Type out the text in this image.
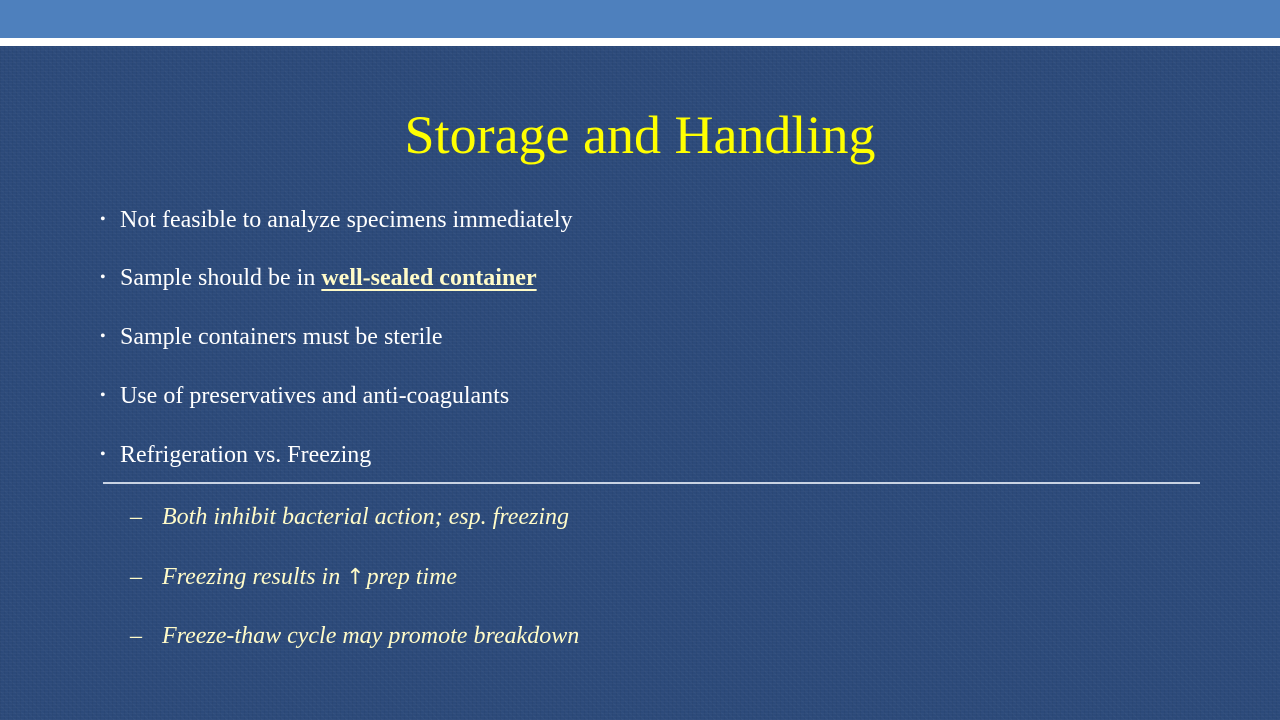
Storage and Handling
• Not feasible to analyze specimens immediately
• Sample should be in well-sealed container
• Sample containers must be sterile
• Use of preservatives and anti-coagulants
• Refrigeration vs. Freezing
– Both inhibit bacterial action; esp. freezing
– Freezing results in ↑prep time
– Freeze-thaw cycle may promote breakdown
